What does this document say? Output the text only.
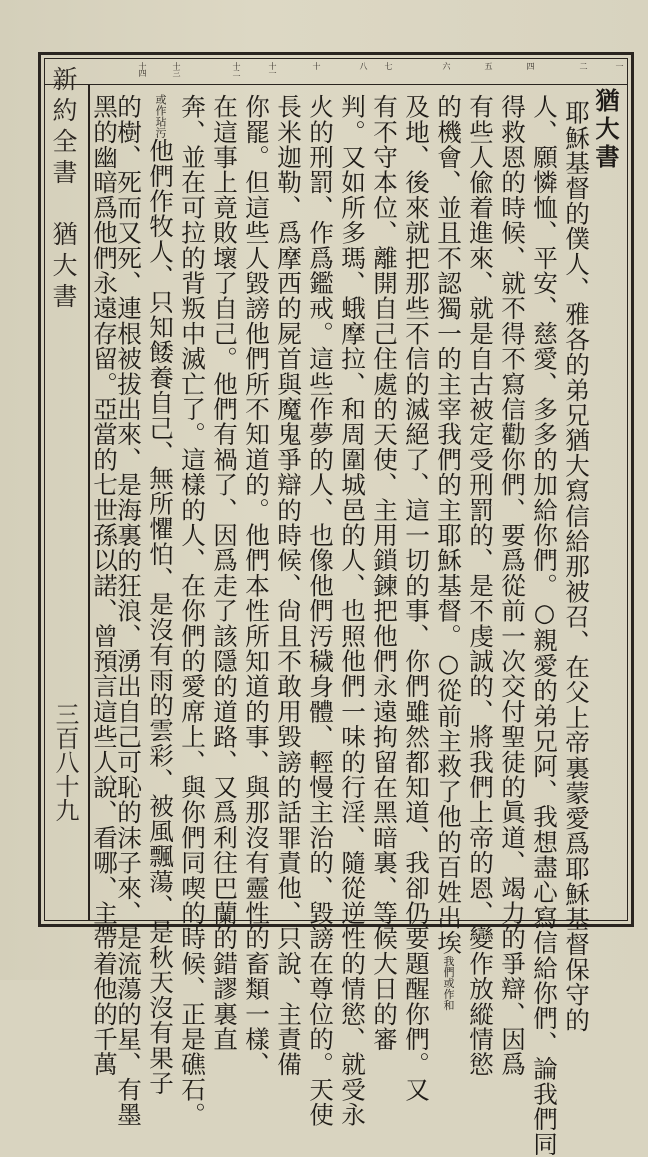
一
二
四
五
六
七
八
十
十一
十二
十三
十四
新約全書　猶大書
三百八十九
猶大書
耶穌基督的僕人、雅各的弟兄猶大寫信給那被召、在父上帝裏蒙愛爲耶穌基督保守的
人、願憐恤、平安、慈愛、多多的加給你們。○親愛的弟兄阿、我想盡心寫信給你們、論我們同
得救恩的時候、就不得不寫信勸你們、要爲從前一次交付聖徒的眞道、竭力的爭辯、因爲
有些人偸着進來、就是自古被定受刑罰的、是不虔誠的、將我們上帝的恩、變作放縱情慾
的機會、並且不認獨一的主宰我們的主耶穌基督。○從前主救了他的百姓出埃我們或作和
及地、後來就把那些不信的滅絕了、這一切的事、你們雖然都知道、我卻仍要題醒你們。又
有不守本位、離開自己住處的天使、主用鎖鍊把他們永遠拘留在黑暗裏、等候大日的審
判。又如所多瑪、蛾摩拉、和周圍城邑的人、也照他們一味的行淫、隨從逆性的情慾、就受永
火的刑罰、作爲鑑戒。這些作夢的人、也像他們汚穢身體、輕慢主治的、毀謗在尊位的。天使
長米迦勒、爲摩西的屍首與魔鬼爭辯的時候、尙且不敢用毀謗的話罪責他、只說、主責備
你罷。但這些人毀謗他們所不知道的。他們本性所知道的事、與那沒有靈性的畜類一樣、
在這事上竟敗壞了自己。他們有禍了、因爲走了該隱的道路、又爲利往巴蘭的錯謬裏直
奔、並在可拉的背叛中滅亡了。這樣的人、在你們的愛席上、與你們同喫的時候、正是礁石。
或作玷污他們作牧人、只知餧養自己、無所懼怕、是沒有雨的雲彩、被風飄蕩、是秋天沒有果子
的樹、死而又死、連根被拔出來、是海裏的狂浪、湧出自己可恥的沫子來、是流蕩的星、有墨
黑的幽暗爲他們永遠存留。亞當的七世孫以諾、曾預言這些人說、看哪、主帶着他的千萬
